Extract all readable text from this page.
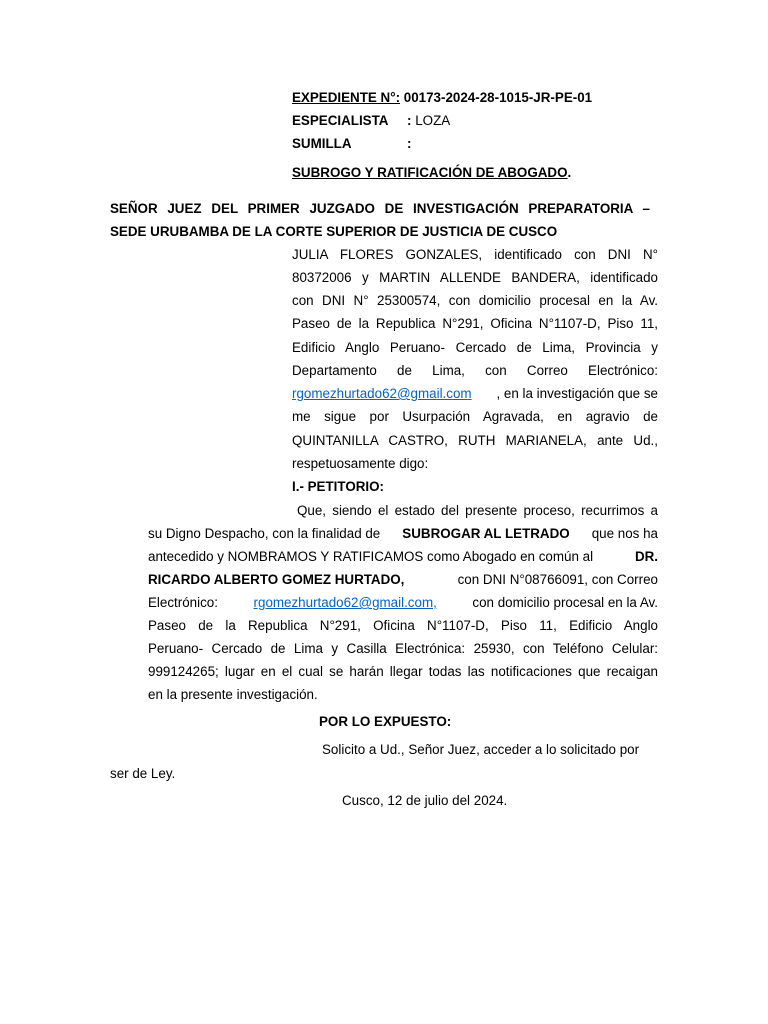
EXPEDIENTE N°: 00173-2024-28-1015-JR-PE-01
ESPECIALISTA : LOZA
SUMILLA	:
SUBROGO Y RATIFICACIÓN DE ABOGADO.
SEÑOR JUEZ DEL PRIMER JUZGADO DE INVESTIGACIÓN PREPARATORIA –
SEDE URUBAMBA DE LA CORTE SUPERIOR DE JUSTICIA DE CUSCO
JULIA FLORES GONZALES, identificado con DNI N°
80372006 y MARTIN ALLENDE BANDERA, identificado
con DNI N° 25300574, con domicilio procesal en la Av.
Paseo de la Republica N°291, Oficina N°1107-D, Piso 11,
Edificio Anglo Peruano- Cercado de Lima, Provincia y
Departamento de Lima, con Correo Electrónico:
rgomezhurtado62@gmail.com , en la investigación que se
me sigue por Usurpación Agravada, en agravio de
QUINTANILLA CASTRO, RUTH MARIANELA, ante Ud.,
respetuosamente digo:
I.- PETITORIO:
Que, siendo el estado del presente proceso, recurrimos a
su Digno Despacho, con la finalidad de SUBROGAR AL LETRADO que nos ha
antecedido y NOMBRAMOS Y RATIFICAMOS como Abogado en común al	DR.
RICARDO ALBERTO GOMEZ HURTADO,	con DNI N°08766091, con Correo
Electrónico:	rgomezhurtado62@gmail.com,	con domicilio procesal en la Av.
Paseo de la Republica N°291, Oficina N°1107-D, Piso 11, Edificio Anglo
Peruano- Cercado de Lima y Casilla Electrónica: 25930, con Teléfono Celular:
999124265; lugar en el cual se harán llegar todas las notificaciones que recaigan
en la presente investigación.
POR LO EXPUESTO:
Solicito a Ud., Señor Juez, acceder a lo solicitado por
ser de Ley.
Cusco, 12 de julio del 2024.
